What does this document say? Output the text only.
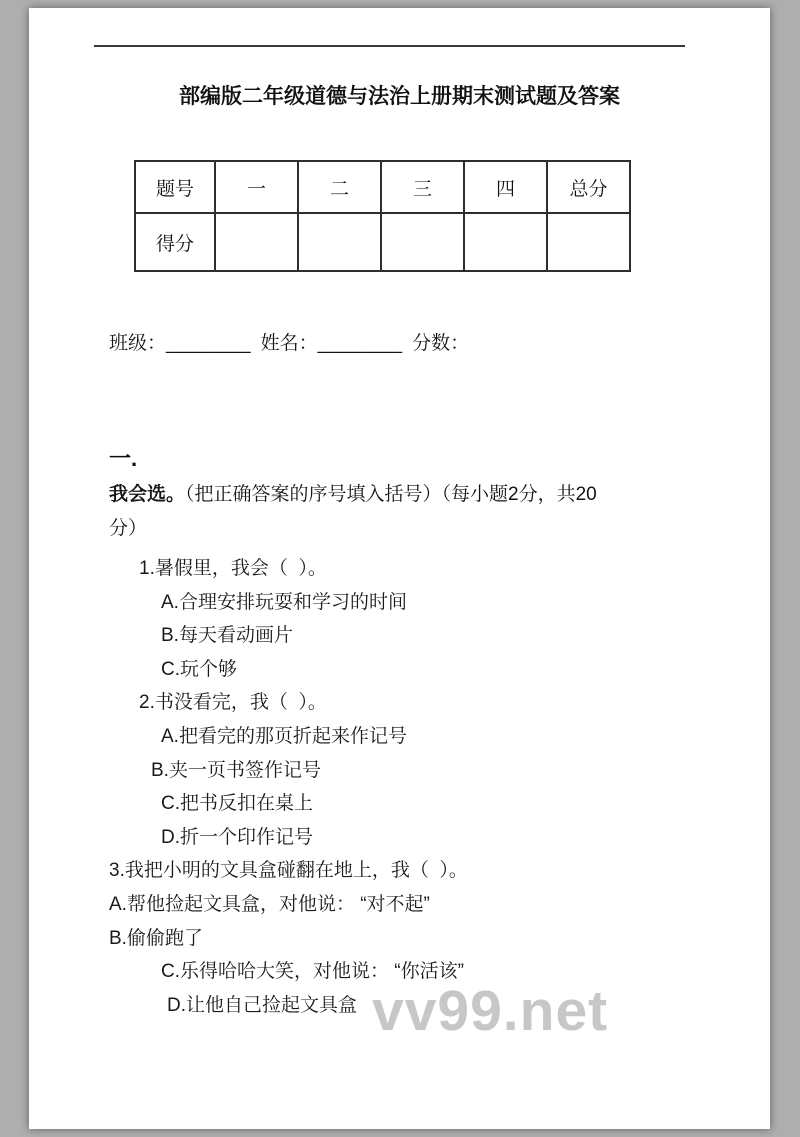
部编版二年级道德与法治上册期末测试题及答案
题号	一	二	三	四	总分
得分					
班级：________ 姓名：________ 分数：

一.

我会选。（把正确答案的序号填入括号）（每小题2分，共20
分）

1.暑假里，我会（  ）。
A.合理安排玩耍和学习的时间
B.每天看动画片
C.玩个够
2.书没看完，我（  ）。
A.把看完的那页折起来作记号
B.夹一页书签作记号
C.把书反扣在桌上
D.折一个印作记号
3.我把小明的文具盒碰翻在地上，我（  ）。
A.帮他捡起文具盒，对他说： “对不起”
B.偷偷跑了
C.乐得哈哈大笑，对他说： “你活该”
D.让他自己捡起文具盒 vv99.net
